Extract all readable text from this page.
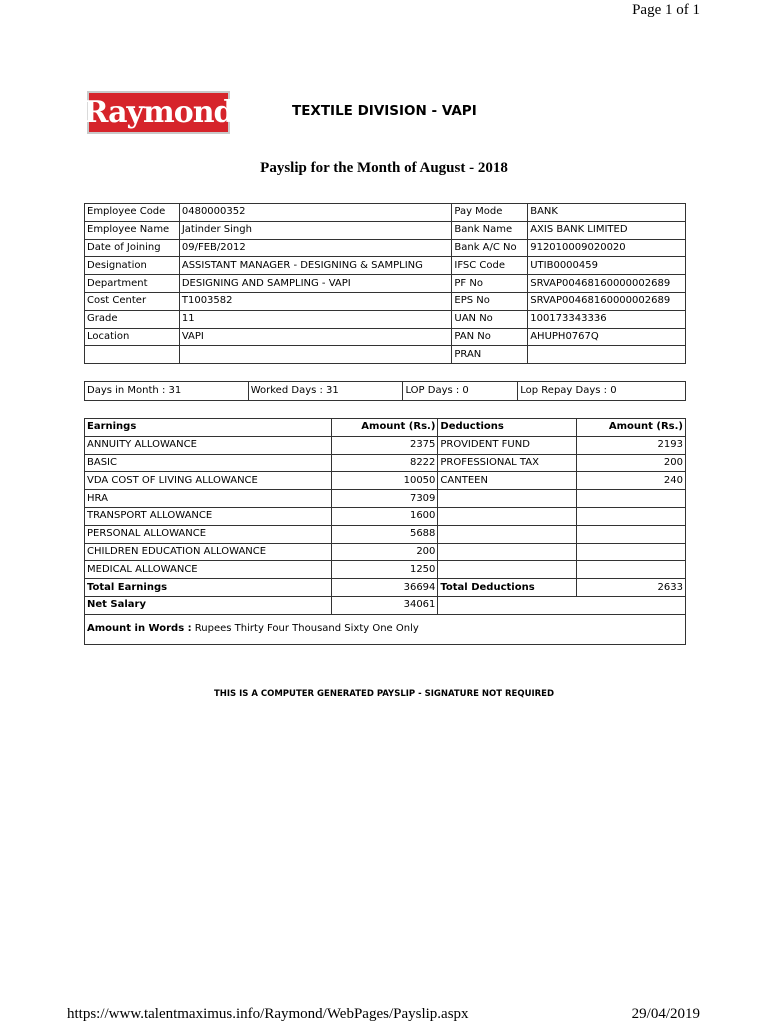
Page 1 of 1
Raymond	TEXTILE DIVISION - VAPI
Payslip for the Month of August - 2018
Employee Code	0480000352	Pay Mode	BANK
Employee Name	Jatinder Singh	Bank Name	AXIS BANK LIMITED
Date of Joining	09/FEB/2012	Bank A/C No	912010009020020
Designation	ASSISTANT MANAGER - DESIGNING & SAMPLING	IFSC Code	UTIB0000459
Department	DESIGNING AND SAMPLING - VAPI	PF No	SRVAP00468160000002689
Cost Center	T1003582	EPS No	SRVAP00468160000002689
Grade	11	UAN No	100173343336
Location	VAPI	PAN No	AHUPH0767Q
		PRAN	
Days in Month : 31	Worked Days : 31	LOP Days : 0	Lop Repay Days : 0
Earnings	Amount (Rs.)	Deductions	Amount (Rs.)
ANNUITY ALLOWANCE	2375	PROVIDENT FUND	2193
BASIC	8222	PROFESSIONAL TAX	200
VDA COST OF LIVING ALLOWANCE	10050	CANTEEN	240
HRA	7309		
TRANSPORT ALLOWANCE	1600		
PERSONAL ALLOWANCE	5688		
CHILDREN EDUCATION ALLOWANCE	200		
MEDICAL ALLOWANCE	1250		
Total Earnings	36694	Total Deductions	2633
Net Salary	34061		
Amount in Words : Rupees Thirty Four Thousand Sixty One Only			
THIS IS A COMPUTER GENERATED PAYSLIP - SIGNATURE NOT REQUIRED
https://www.talentmaximus.info/Raymond/WebPages/Payslip.aspx	29/04/2019
